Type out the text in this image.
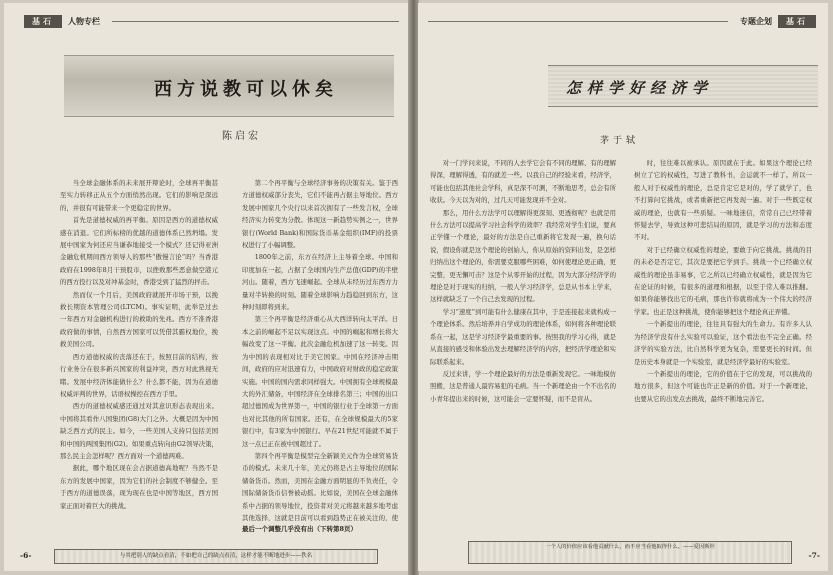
基石	人物专栏
西方说教可以休矣
陈启宏

当全球金融体系的未来展开辩论时，全球再平衡甚至实力转移正从五个方面悄然出现。它们的影响是深远的，并很有可能带来一个更稳定的世界。

首先是道德权威的再平衡。原因是西方的道德权威感在消退。它们所标榜的优越的道德体系已然坍塌。发展中国家为何还应当谦恭地接受一个模式？还记得亚洲金融危机期间西方领导人的那些“傲慢言论”吗？当香港政府在1998年8月干预股市，以挫败那些恶意做空港元的西方投行以及对冲基金时，香港受到了猛烈的抨击。

然而仅一个月后，美国政府就展开市场干预，以挽救长期资本管理公司(LTCM)。事实证明，此举是过去一年西方对金融机构进行的救助的先兆。西方不准香港政府做的事情，自然西方国家可以凭借其霸权地位，挽救美国公司。

西方道德权威的丧落还在于，按照目前的结构，按行业务分在很多新兴国家的利益冲突，西方对此熟视无睹。发展中经济体能做什么？什么都不能，因为在道德权威评判的世界，话语权操控在西方手里。

西方的道德权威感还通过对其意识形态表现出来。中国将其看作八国集团(G8)大门之外。大概是因为中国缺乏西方式的民主。如今，一些美国人支持只包括美国和中国的两国集团(G2)。如果重点转向由G2领导决策，那么民主会怎样呢？西方面对一个道德两难。

据此，哪个地区现在会占据道德高地呢？当然不是东方的发展中国家，因为它们的社会制度不够健全。至于西方的道德误落，现为现在也是中国等地区，西方国家正面对着巨大的挑战。

第二个再平衡与全球经济事务的决策有关。鉴于西方道德权威部分丧失，它们不能再占据主导地位。西方发展中国家几个央行以来首次拥有了一些发言权，全球经济实力转变为分散。体现这一新趋势实例之一，世界银行(World Bank)和国际货币基金组织(IMF)的投票权进行了小幅调整。

1800年之前，东方在经济上主导着全球。中国和印度加在一起，占据了全球国内生产总值(GDP)的半壁河山。随着，西方飞速崛起。全球从未经历过东西方力量对半转换的时刻。随着全球影响力趋稳回到东方，这种时刻即将到来。

第三个再平衡是经济重心从大西洋转向太平洋。日本之前的崛起不足以实现这点。中国的崛起和增长将大幅改变了这一平衡。此次金融危机加速了这一转变。因为中国的表现相对比于美它国家。中国在经济冲击期间，政府的应对迅速有力，中国政府对财政的稳定政策实施。中国的国内需求同样强大。中国拥有全球规模最大的外汇储备，中国经济在全球排名第三；中国的出口超过德国成为世界第一，中国的银行业于全球第一方面也对比其他的所有国家。还有，在全球规模最大的5家银行中，有3家为中国银行。早在21世纪可能就不属于这一点已正在被中国超过了。

第四个再平衡是模型完全新颖美元作为全球贸易货币的模式。未来几十年，美元仍将是占主导地位的国际储备货币。然而，美国在金融方面明显的不负责任，令国际储备货币信誉被动摇。比如说，美国在全球金融体系中占据的领导地位，投资者对美元将越来越多地考虑其他选择，这就是目前可以看到趋势正在被关注的，使

最后一个调整几乎没有出（下转第8页）
与其把别人的缺点看清，不如把自己的缺点看清，这样才能不断地进步——佚名
-6-
专题企划	基石
怎样学好经济学
茅于轼

对一门学问来说，不同的人去学它会有不同的理解、有的理解得深，理解得透，有的就差一些。以我自己的经验来看，经济学，可能也包括其他社会学科，真是深不可测，不断地思考，总会有所收获。今天以为对的，过几天可能发现并不全对。

那么，用什么方法学可以理解得更深刻、更透彻呢？也就是用什么方法可以提高学习社会科学的效率？我经常对学生们说，要真正学懂一个理论，最好的方法是自己重新将它发现一遍，换句话说，假设你就是这个理论的创始人，你从原始的资料出发，是怎样归纳出这个理论的，你需要克服哪些困难，如何使理论更正确，更完整，更无懈可击？这是个从零开始的过程，因为大部分经济学的理论是对于现实的归纳，一般人学习经济学，总是从书本上学来，这样就缺乏了一个自己去发现的过程。

学习“速度”到可能有什么健康在其中，于是连接起来就构成一个理论体系。然后培养并自学成功的理论体系，如何将各种理论联系在一起，这是学习经济学最重要的事。按照我的学习心得，就是从直接的感受和体验出发去理解经济学的内容，把经济学理论和实际联系起来。

反过来讲，学一个理论最好的方法是重新发现它。一味地模仿照搬，这是普通人最容易犯的毛病。当一个新理论由一个不出名的小青年提出来的时候，这可能会一定要怀疑，而不是盲从。

时，往往难以被承认。原因就在于此。如果这个理论已经树立了它的权威性，写进了教科书，会运就不一样了。所以一般人对于权威性的理论，总是肯定它是对的，学了就学了，也不打算问它挑战，或者重新把它再发现一遍。对于一些既定权威的理论，也就有一些质疑。一味地迷信，常常自己已经带着怀疑去学，导致这种可悲结局的原因，就是学习的方法和态度不对。

对于已经确立权威性的理论，要敢于向它挑战。挑战的目的未必是否定它，其次是要把它学到手。挑战一个已经确立权威性的理论虽非易事，它之所以已经确立权威性，就是因为它在论证的时候，有很多的道理和根据，以至于常人难以推翻。如果你能够找出它的毛病，那也许你就将成为一个伟大的经济学家。也正是这种挑战，使你能够把这个理论真正弄懂。

一个新提出的理论，往往具有强大的生命力。有许多人认为经济学没有什么实验可以验证，这个看法也不完全正确。经济学的实验方法，比自然科学更为复杂，需要更长的时间。但是历史本身就是一个实验室，就是经济学最好的实验室。

一个新提出的理论，它的价值在于它的发现，可以挑战的地方很多，但这个可能也许正是新的价值。对于一个新理论，也要从它的出发点去挑战，最终不断地完善它。

一个人的价值应该看他贡献什么，而不应当看他取得什么。——爱因斯坦
-7-
